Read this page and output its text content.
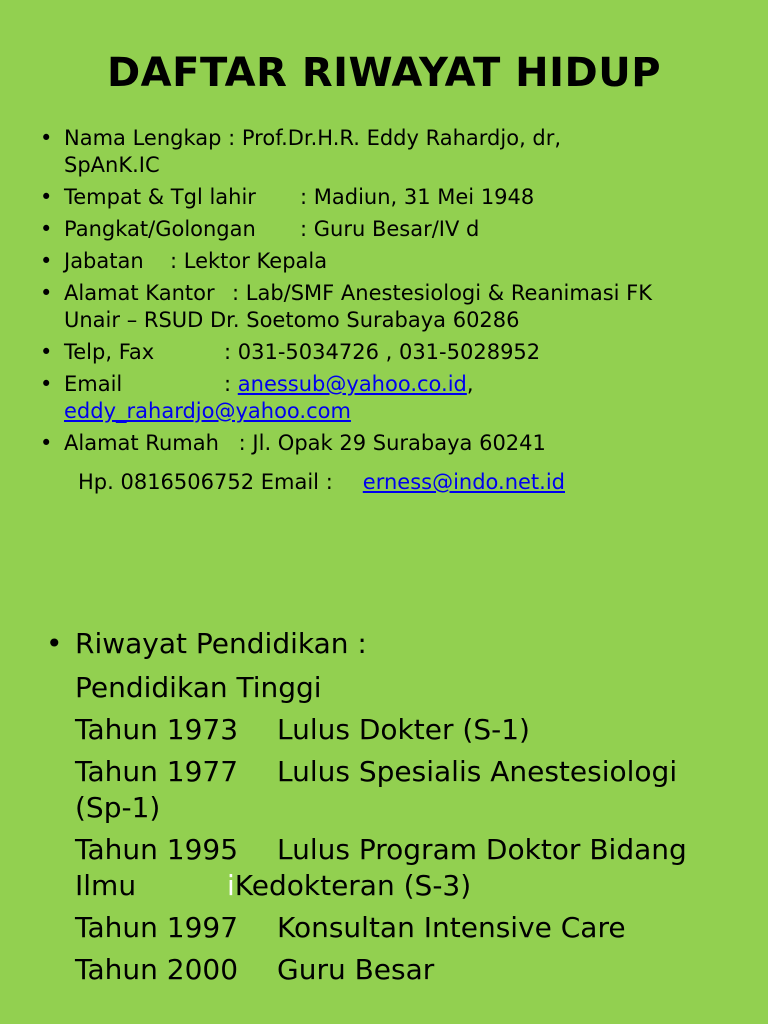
DAFTAR RIWAYAT HIDUP
• Nama Lengkap : Prof.Dr.H.R. Eddy Rahardjo, dr,
SpAnK.IC
• Tempat & Tgl lahir : Madiun, 31 Mei 1948
• Pangkat/Golongan : Guru Besar/IV d
• Jabatan : Lektor Kepala
• Alamat Kantor : Lab/SMF Anestesiologi & Reanimasi FK
Unair – RSUD Dr. Soetomo Surabaya 60286
• Telp, Fax	: 031-5034726 , 031-5028952
• Email	: anessub@yahoo.co.id,
eddy_rahardjo@yahoo.com
• Alamat Rumah : Jl. Opak 29 Surabaya 60241
Hp. 0816506752 Email : erness@indo.net.id
• Riwayat Pendidikan :
Pendidikan Tinggi
Tahun 1973 Lulus Dokter (S-1)
Tahun 1977 Lulus Spesialis Anestesiologi
(Sp-1)
Tahun 1995 Lulus Program Doktor Bidang
Ilmu	iKedokteran (S-3)
Tahun 1997 Konsultan Intensive Care
Tahun 2000 Guru Besar
